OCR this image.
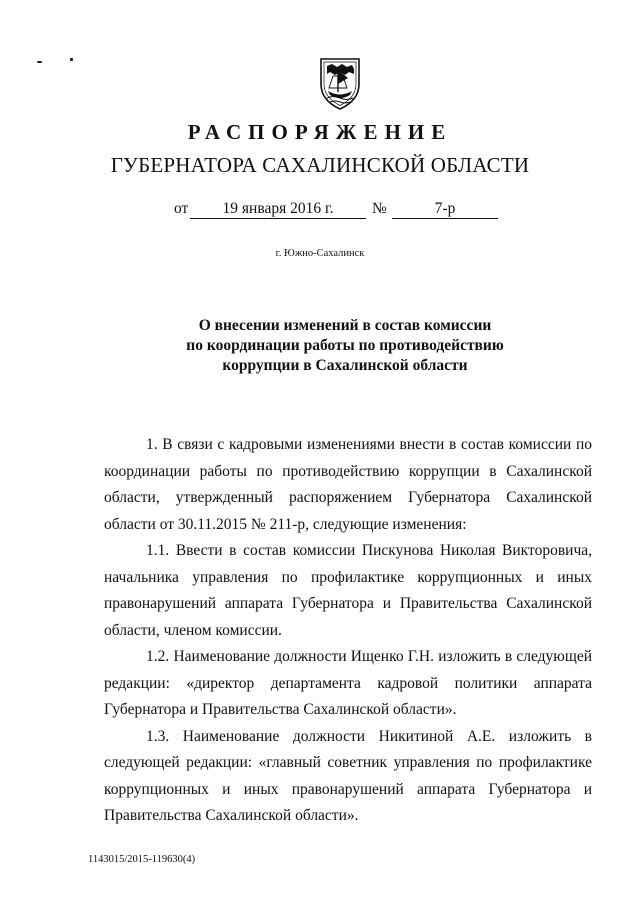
РАСПОРЯЖЕНИЕ
ГУБЕРНАТОРА САХАЛИНСКОЙ ОБЛАСТИ
от	19 января 2016 г.	№	7-р
г. Южно-Сахалинск
О внесении изменений в состав комиссии
по координации работы по противодействию
коррупции в Сахалинской области

1. В связи с кадровыми изменениями внести в состав комиссии по координации работы по противодействию коррупции в Сахалинской области, утвержденный распоряжением Губернатора Сахалинской области от 30.11.2015 № 211-р, следующие изменения:

1.1. Ввести в состав комиссии Пискунова Николая Викторовича, начальника управления по профилактике коррупционных и иных правонарушений аппарата Губернатора и Правительства Сахалинской области, членом комиссии.

1.2. Наименование должности Ищенко Г.Н. изложить в следующей редакции: «директор департамента кадровой политики аппарата Губернатора и Правительства Сахалинской области».

1.3. Наименование должности Никитиной А.Е. изложить в следующей редакции: «главный советник управления по профилактике коррупционных и иных правонарушений аппарата Губернатора и Правительства Сахалинской области».

1143015/2015-119630(4)
